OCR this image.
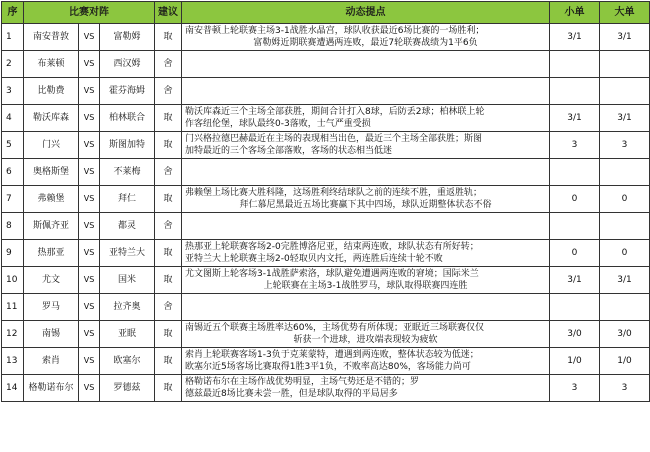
序	比赛对阵			建议	动态提点	小单	大单
1	南安普敦	VS	富勒姆	取	南安普顿上轮联赛主场3-1战胜水晶宫，球队收获最近6场比赛的一场胜利；
富勒姆近期联赛遭遇两连败，最近7轮联赛战绩为1平6负	3/1	3/1
2	布莱顿	VS	西汉姆	舍			
3	比勒费	VS	霍芬海姆	舍			
4	勒沃库森	VS	柏林联合	取	勒沃库森近三个主场全部获胜，期间合计打入8球，后防丢2球；柏林联上轮
作客纽伦堡，球队最终0-3落败，士气严重受损	3/1	3/1
5	门兴	VS	斯图加特	取	门兴格拉德巴赫最近在主场的表现相当出色，最近三个主场全部获胜；斯图
加特最近的三个客场全部落败，客场的状态相当低迷	3	3
6	奥格斯堡	VS	不莱梅	舍			
7	弗赖堡	VS	拜仁	取	弗赖堡上场比赛大胜科隆，这场胜利终结球队之前的连续不胜，重返胜轨；
拜仁慕尼黑最近五场比赛赢下其中四场，球队近期整体状态不俗	0	0
8	斯佩齐亚	VS	都灵	舍			
9	热那亚	VS	亚特兰大	取	热那亚上轮联赛客场2-0完胜博洛尼亚，结束两连败，球队状态有所好转；
亚特兰大上轮联赛主场2-0轻取贝内文托，两连胜后连续十轮不败	0	0
10	尤文	VS	国米	取	尤文图斯上轮客场3-1战胜萨索洛，球队避免遭遇两连败的窘境；国际米兰
上轮联赛在主场3-1战胜罗马，球队取得联赛四连胜	3/1	3/1
11	罗马	VS	拉齐奥	舍			
12	南锡	VS	亚眠	取	南锡近五个联赛主场胜率达60%，主场优势有所体现；亚眠近三场联赛仅仅
斩获一个进球，进攻端表现较为疲软	3/0	3/0
13	索肖	VS	欧塞尔	取	索肖上轮联赛客场1-3负于克莱蒙特，遭遇到两连败，整体状态较为低迷；
欧塞尔近5场客场比赛取得1胜3平1负，不败率高达80%，客场能力尚可	1/0	1/0
14	格勒诺布尔	VS	罗德兹	取	格勒诺布尔在主场作战优势明显，主场气势还是不错的；罗
德兹最近8场比赛未尝一胜，但是球队取得的平局居多	3	3
